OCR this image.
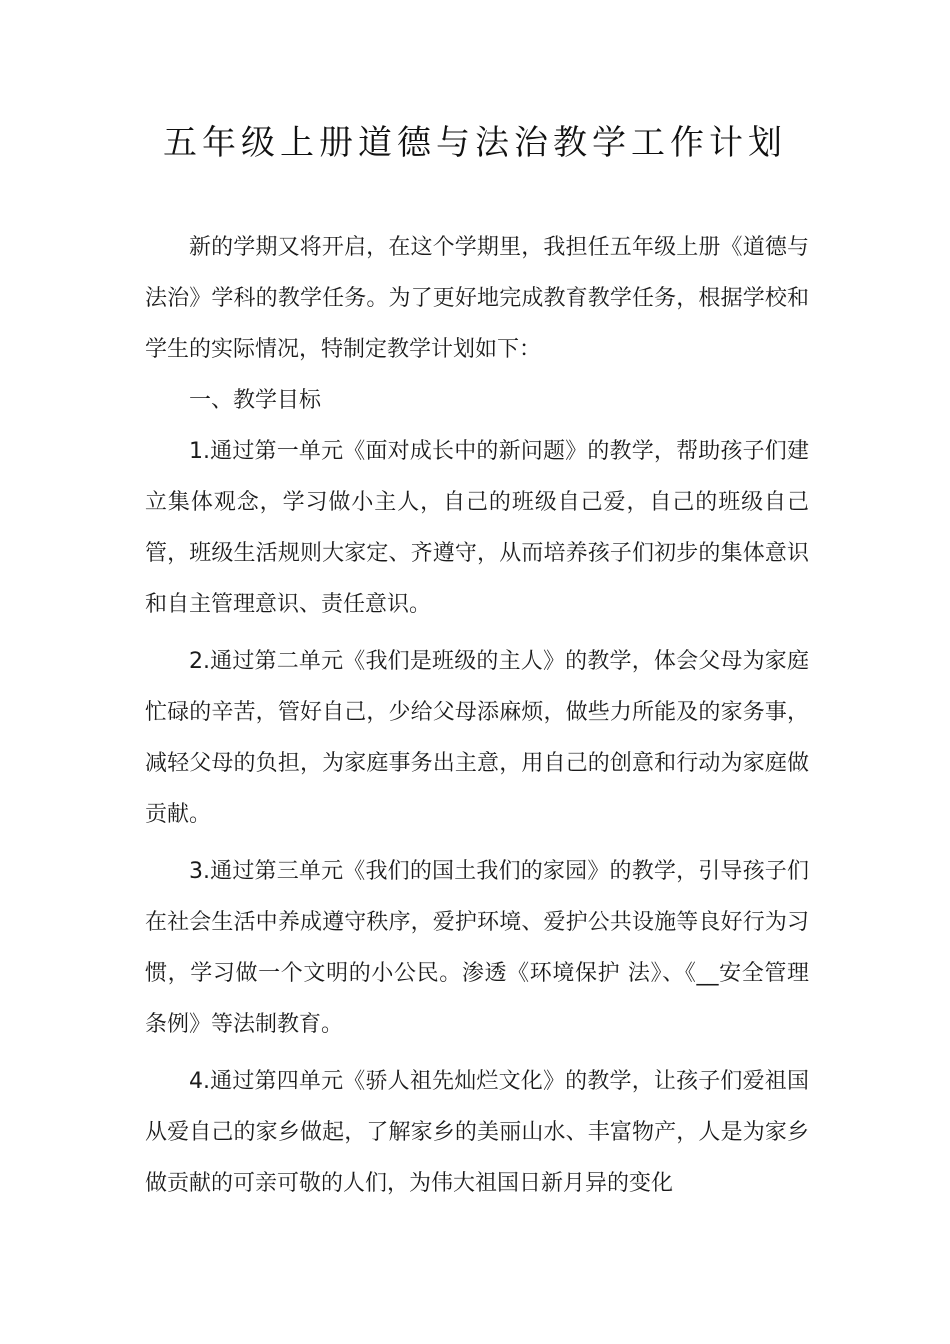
五年级上册道德与法治教学工作计划

新的学期又将开启，在这个学期里，我担任五年级上册《道德与法治》学科的教学任务。为了更好地完成教育教学任务，根据学校和学生的实际情况，特制定教学计划如下：

一、教学目标

1.通过第一单元《面对成长中的新问题》的教学，帮助孩子们建立集体观念，学习做小主人，自己的班级自己爱，自己的班级自己管，班级生活规则大家定、齐遵守，从而培养孩子们初步的集体意识和自主管理意识、责任意识。

2.通过第二单元《我们是班级的主人》的教学，体会父母为家庭忙碌的辛苦，管好自己，少给父母添麻烦，做些力所能及的家务事，减轻父母的负担，为家庭事务出主意，用自己的创意和行动为家庭做贡献。

3.通过第三单元《我们的国土我们的家园》的教学，引导孩子们在社会生活中养成遵守秩序，爱护环境、爱护公共设施等良好行为习惯，学习做一个文明的小公民。渗透《环境保护 法》、《__安全管理条例》等法制教育。

4.通过第四单元《骄人祖先灿烂文化》的教学，让孩子们爱祖国从爱自己的家乡做起，了解家乡的美丽山水、丰富物产，人是为家乡做贡献的可亲可敬的人们，为伟大祖国日新月异的变化
